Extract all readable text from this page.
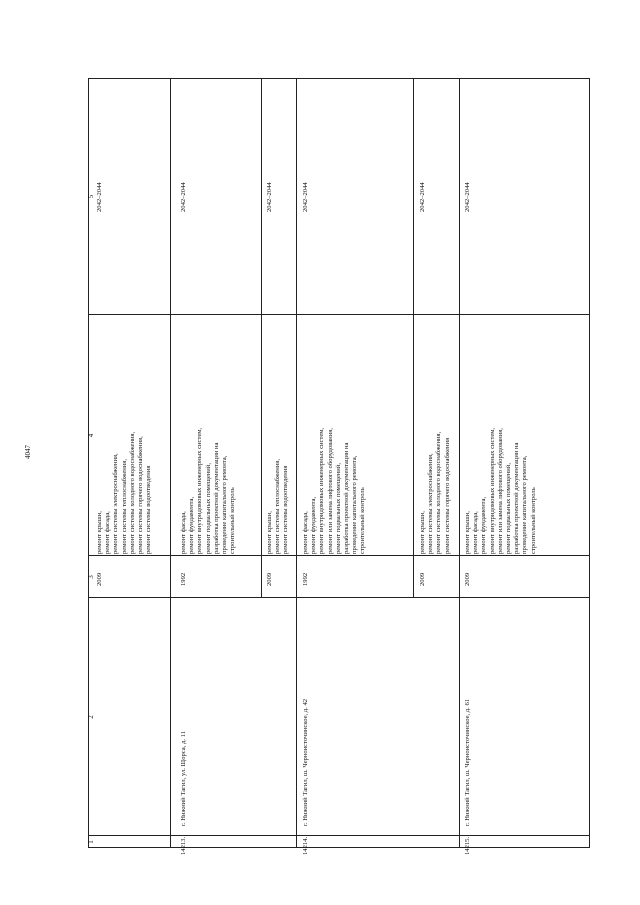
4047
1
2
3
4
5
2009
ремонт крыши, ремонт фасада, ремонт системы электроснабжения, ремонт системы теплоснабжения, ремонт системы холодного водоснабжения, ремонт системы горячего водоснабжения, ремонт системы водоотведения
2042–2044
14213.
г. Нижний Тагил, ул. Щорса, д. 11
1992
ремонт фасада, ремонт фундамента, ремонт внутридомовых инженерных систем, ремонт подвальных помещений, разработка проектной документации на проведение капитального ремонта, строительный контроль
2042–2044
2009
ремонт крыши, ремонт системы теплоснабжения, ремонт системы водоотведения
2042–2044
14214.
г. Нижний Тагил, ш. Черноисточинское, д. 42
1992
ремонт фасада, ремонт фундамента, ремонт внутридомовых инженерных систем, ремонт или замена лифтового оборудования, ремонт подвальных помещений, разработка проектной документации на проведение капитального ремонта, строительный контроль
2042–2044
2009
ремонт крыши, ремонт системы электроснабжения, ремонт системы холодного водоснабжения, ремонт системы горячего водоснабжения
2042–2044
14215.
г. Нижний Тагил, ш. Черноисточинское, д. 61
2009
ремонт крыши, ремонт фасада, ремонт фундамента, ремонт внутридомовых инженерных систем, ремонт или замена лифтового оборудования, ремонт подвальных помещений, разработка проектной документации на проведение капитального ремонта, строительный контроль
2042–2044
